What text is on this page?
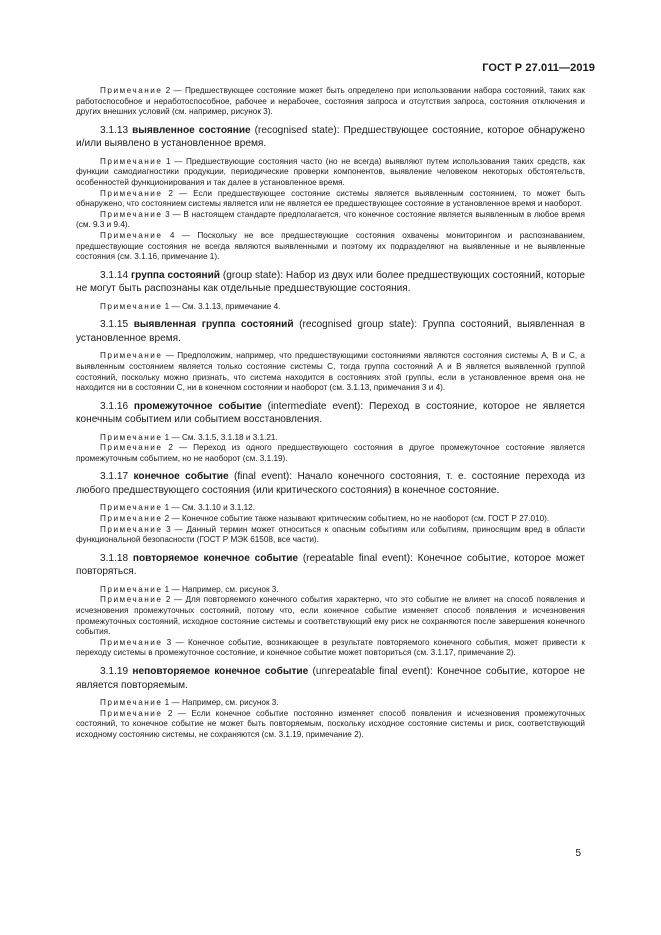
ГОСТ Р 27.011—2019

Примечание 2 — Предшествующее состояние может быть определено при использовании набора состояний, таких как работоспособное и неработоспособное, рабочее и нерабочее, состояния запроса и отсутствия запроса, состояния отключения и других внешних условий (см. например, рисунок 3).

3.1.13 выявленное состояние (recognised state): Предшествующее состояние, которое обнаружено и/или выявлено в установленное время.

Примечание 1 — Предшествующие состояния часто (но не всегда) выявляют путем использования таких средств, как функции самодиагностики продукции, периодические проверки компонентов, выявление человеком некоторых обстоятельств, особенностей функционирования и так далее в установленное время.

Примечание 2 — Если предшествующее состояние системы является выявленным состоянием, то может быть обнаружено, что состоянием системы является или не является ее предшествующее состояние в установленное время и наоборот.

Примечание 3 — В настоящем стандарте предполагается, что конечное состояние является выявленным в любое время (см. 9.3 и 9.4).

Примечание 4 — Поскольку не все предшествующие состояния охвачены мониторингом и распознаванием, предшествующие состояния не всегда являются выявленными и поэтому их подразделяют на выявленные и не выявленные состояния (см. 3.1.16, примечание 1).

3.1.14 группа состояний (group state): Набор из двух или более предшествующих состояний, которые не могут быть распознаны как отдельные предшествующие состояния.

Примечание 1 — См. 3.1.13, примечание 4.

3.1.15 выявленная группа состояний (recognised group state): Группа состояний, выявленная в установленное время.

Примечание — Предположим, например, что предшествующими состояниями являются состояния системы А, В и С, а выявленным состоянием является только состояние системы С, тогда группа состояний А и В является выявленной группой состояний, поскольку можно признать, что система находится в состояниях этой группы, если в установленное время она не находится ни в состоянии С, ни в конечном состоянии и наоборот (см. 3.1.13, примечания 3 и 4).

3.1.16 промежуточное событие (intermediate event): Переход в состояние, которое не является конечным событием или событием восстановления.

Примечание 1 — См. 3.1.5, 3.1.18 и 3.1.21.

Примечание 2 — Переход из одного предшествующего состояния в другое промежуточное состояние является промежуточным событием, но не наоборот (см. 3.1.19).

3.1.17 конечное событие (final event): Начало конечного состояния, т. е. состояние перехода из любого предшествующего состояния (или критического состояния) в конечное состояние.

Примечание 1 — См. 3.1.10 и 3.1.12.

Примечание 2 — Конечное событие также называют критическим событием, но не наоборот (см. ГОСТ Р 27.010).

Примечание 3 — Данный термин может относиться к опасным событиям или событиям, приносящим вред в области функциональной безопасности (ГОСТ Р МЭК 61508, все части).

3.1.18 повторяемое конечное событие (repeatable final event): Конечное событие, которое может повторяться.

Примечание 1 — Например, см. рисунок 3.

Примечание 2 — Для повторяемого конечного события характерно, что это событие не влияет на способ появления и исчезновения промежуточных состояний, потому что, если конечное событие изменяет способ появления и исчезновения промежуточных состояний, исходное состояние системы и соответствующий ему риск не сохраняются после завершения конечного события.

Примечание 3 — Конечное событие, возникающее в результате повторяемого конечного события, может привести к переходу системы в промежуточное состояние, и конечное событие может повториться (см. 3.1.17, примечание 2).

3.1.19 неповторяемое конечное событие (unrepeatable final event): Конечное событие, которое не является повторяемым.

Примечание 1 — Например, см. рисунок 3.

Примечание 2 — Если конечное событие постоянно изменяет способ появления и исчезновения промежуточных состояний, то конечное событие не может быть повторяемым, поскольку исходное состояние системы и риск, соответствующий исходному состоянию системы, не сохраняются (см. 3.1.19, примечание 2).

5
